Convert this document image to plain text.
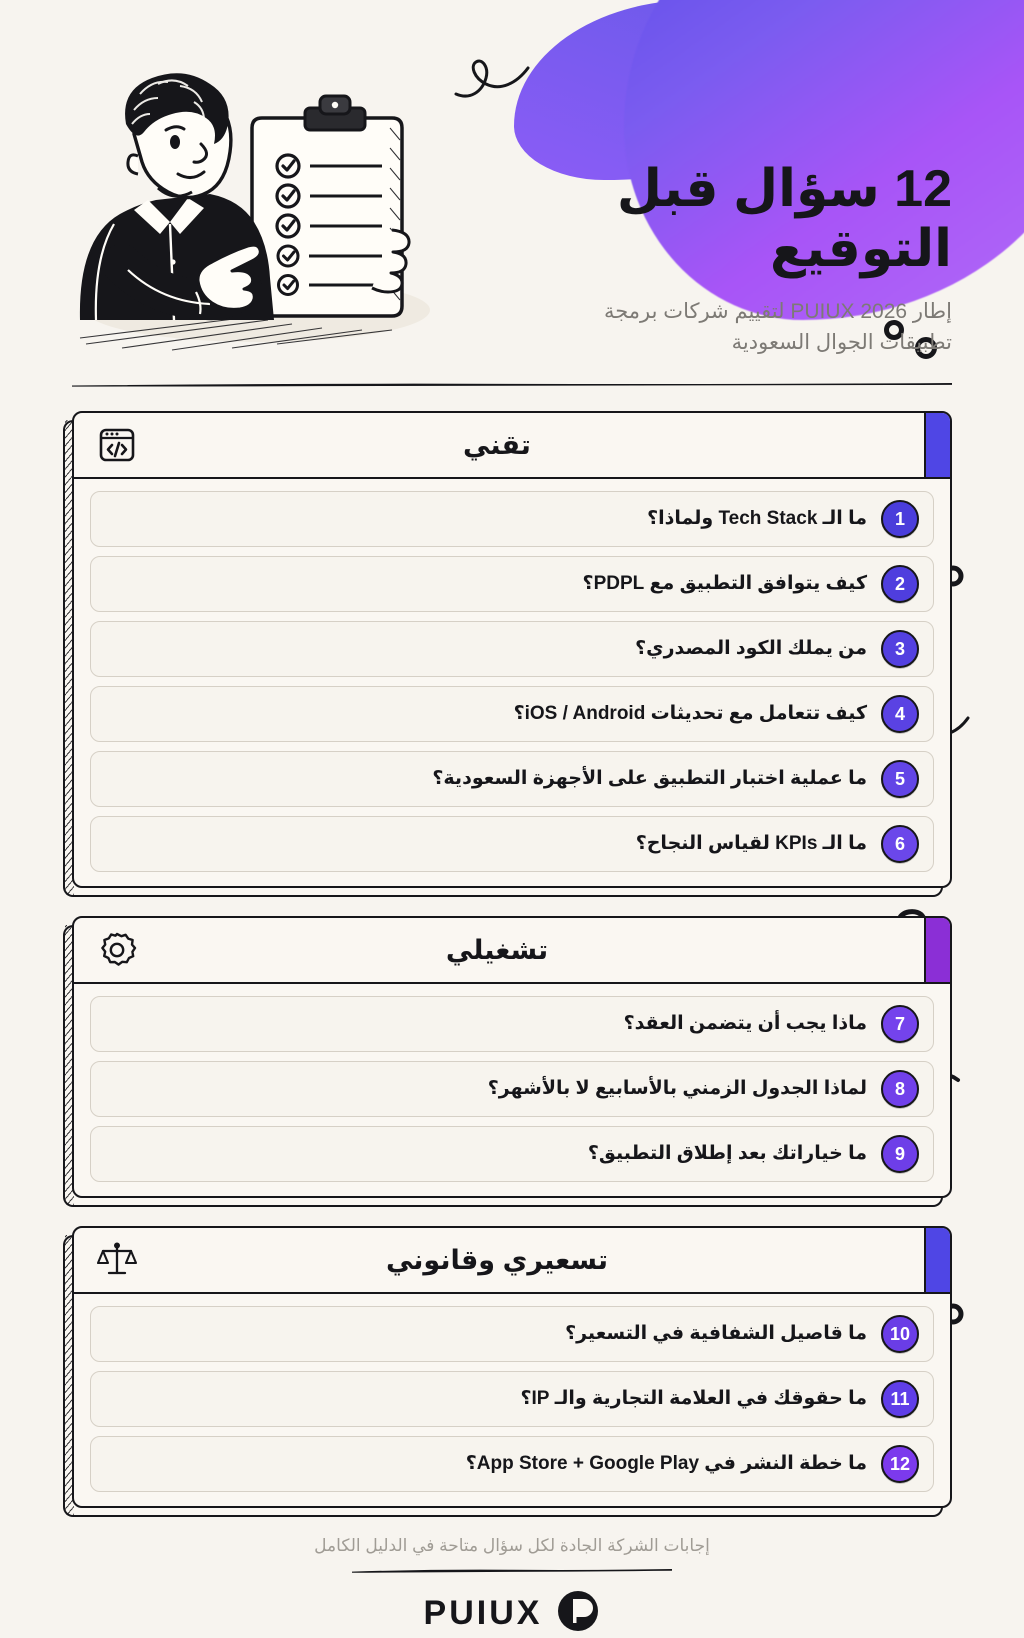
12 سؤال قبل التوقيع
إطار PUIUX 2026 لتقييم شركات برمجة تطبيقات الجوال السعودية
تقني
1
ما الـ Tech Stack ولماذا؟
2
كيف يتوافق التطبيق مع PDPL؟
3
من يملك الكود المصدري؟
4
كيف تتعامل مع تحديثات iOS / Android؟
5
ما عملية اختبار التطبيق على الأجهزة السعودية؟
6
ما الـ KPIs لقياس النجاح؟
تشغيلي
7
ماذا يجب أن يتضمن العقد؟
8
لماذا الجدول الزمني بالأسابيع لا بالأشهر؟
9
ما خياراتك بعد إطلاق التطبيق؟
تسعيري وقانوني
10
ما قاصيل الشفافية في التسعير؟
11
ما حقوقك في العلامة التجارية والـ IP؟
12
ما خطة النشر في App Store + Google Play؟
إجابات الشركة الجادة لكل سؤال متاحة في الدليل الكامل
PUIUX
